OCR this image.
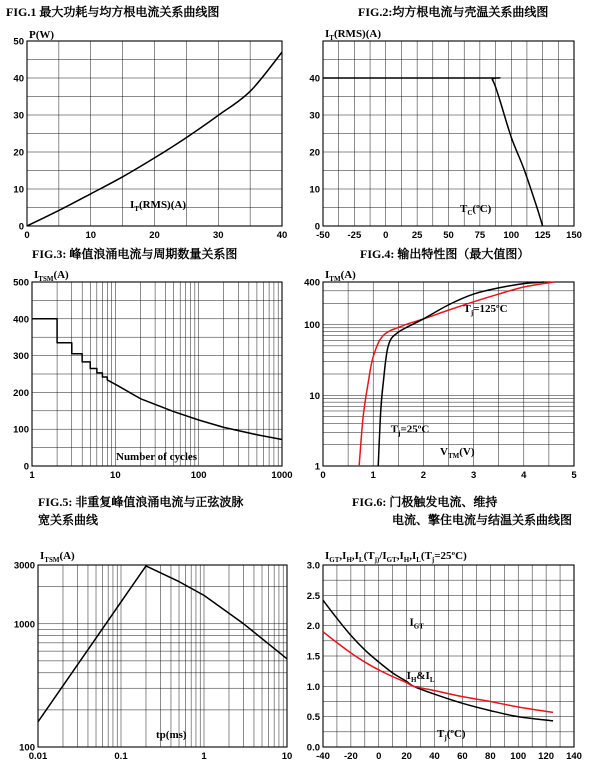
FIG.1 最大功耗与均方根电流关系曲线图
0	10	20	30	40
0
10
20
30
40
50
P(W)
$I_T(RMS)(A)$
FIG.2:均方根电流与壳温关系曲线图
-50 -25 0 25 50 75 100 125 150
0
10
20
30
40
$I_T(RMS)(A)$
$T_C(ºC)$
FIG.3: 峰值浪涌电流与周期数量关系图
1	10	100	1000
0
100
200
300
400
500
$I_{TSM}(A)$
Number of cycles
FIG.4: 输出特性图（最大值图）
0	1	2	3	4	5
1
10
100
400
$I_{TM}(A)$
$V_{TM}(V)$
$T_j=125ºC$
$T_j=25ºC$
FIG.5: 非重复峰值浪涌电流与正弦波脉宽关系曲线
0.01	0.1	1	10
100
1000
3000
$I_{TSM}(A)$
tp(ms)
FIG.6: 门极触发电流、维持电流、擎住电流与结温关系曲线图
-40 -20 0 20 40 60 80 100 120 140
0.0
0.5
1.0
1.5
2.0
2.5
3.0
$I_{GT},I_H,I_L(T_{j)}/I_{GT},I_H,I_L(T_j=25ºC)$
$T_j(ºC)$
$I_{GT}$
$I_H\&I_L$
